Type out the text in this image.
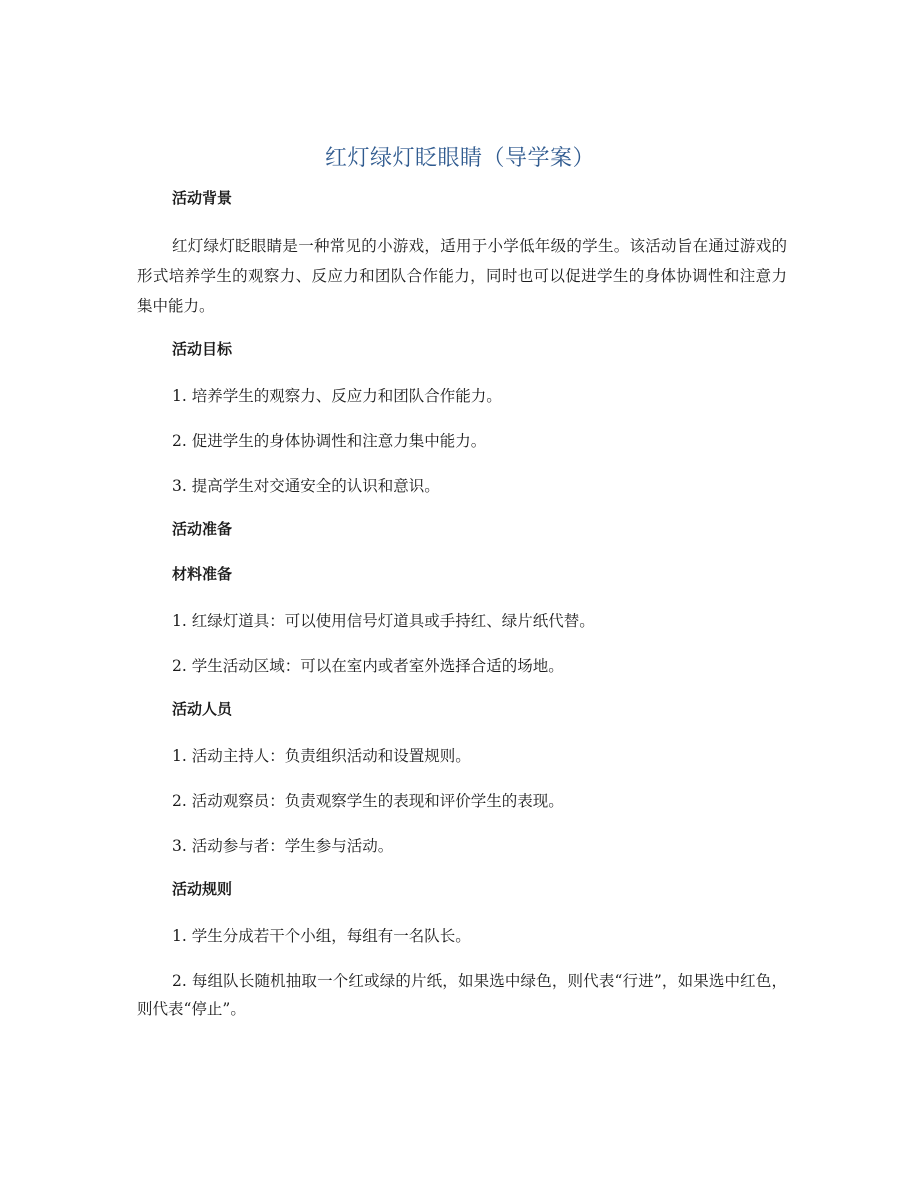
红灯绿灯眨眼睛（导学案）
活动背景

红灯绿灯眨眼睛是一种常见的小游戏，适用于小学低年级的学生。该活动旨在通过游戏的形式培养学生的观察力、反应力和团队合作能力，同时也可以促进学生的身体协调性和注意力集中能力。

活动目标

1. 培养学生的观察力、反应力和团队合作能力。

2. 促进学生的身体协调性和注意力集中能力。

3. 提高学生对交通安全的认识和意识。

活动准备
材料准备

1. 红绿灯道具：可以使用信号灯道具或手持红、绿片纸代替。

2. 学生活动区域：可以在室内或者室外选择合适的场地。

活动人员

1. 活动主持人：负责组织活动和设置规则。

2. 活动观察员：负责观察学生的表现和评价学生的表现。

3. 活动参与者：学生参与活动。

活动规则

1. 学生分成若干个小组，每组有一名队长。

2. 每组队长随机抽取一个红或绿的片纸，如果选中绿色，则代表“行进”，如果选中红色，则代表“停止”。
